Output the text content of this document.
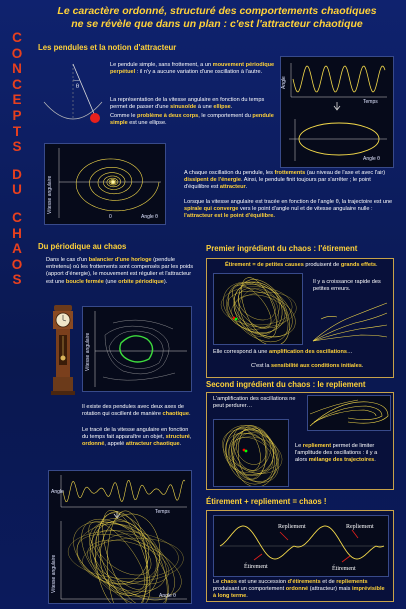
C
O
N
C
E
P
T
S
D
U
C
H
A
O
S
Le caractère ordonné, structuré des comportements chaotiques
ne se révèle que dans un plan : c'est l'attracteur chaotique
Les pendules et la notion d'attracteur
θ
Le pendule simple, sans frottement, a un mouvement périodique perpétuel : il n'y a aucune variation d'une oscillation à l'autre.
La représentation de la vitesse angulaire en fonction du temps permet de passer d'une sinusoïde à une ellipse.
Comme le problème à deux corps, le comportement du pendule simple est une ellipse.
Angle
Temps
Angle θ
Vitesse angulaire
0	Angle θ
A chaque oscillation du pendule, les frottements (au niveau de l'axe et avec l'air) dissipent de l'énergie. Ainsi, le pendule finit toujours par s'arrêter ; le point d'équilibre est attracteur.
Lorsque la vitesse angulaire est tracée en fonction de l'angle θ, la trajectoire est une spirale qui converge vers le point d'angle nul et de vitesse angulaire nulle : l'attracteur est le point d'équilibre.
Du périodique au chaos
Dans le cas d'un balancier d'une horloge (pendule entretenu) où les frottements sont compensés par les poids (apport d'énergie), le mouvement est régulier et l'attracteur est une boucle fermée (une orbite périodique).
Vitesse angulaire
Il existe des pendules avec deux axes de rotation qui oscillent de manière chaotique.
Le tracé de la vitesse angulaire en fonction du temps fait apparaître un objet, structuré, ordonné, appelé attracteur chaotique.
Angle
Temps
Vitesse angulaire
Angle θ
Premier ingrédient du chaos : l'étirement
Étirement = de petites causes produisent de grands effets.
Il y a croissance rapide des petites erreurs.
Elle correspond à une amplification des oscillations…
C'est la sensibilité aux conditions initiales.
Second ingrédient du chaos : le repliement
L'amplification des oscillations ne peut perdurer…
Le repliement permet de limiter l'amplitude des oscillations : il y a alors mélange des trajectoires.
Étirement + repliement = chaos !
Repliement	Repliement
Étirement	Étirement
Le chaos est une succession d'étirements et de repliements produisant un comportement ordonné (attracteur) mais imprévisible à long terme.
